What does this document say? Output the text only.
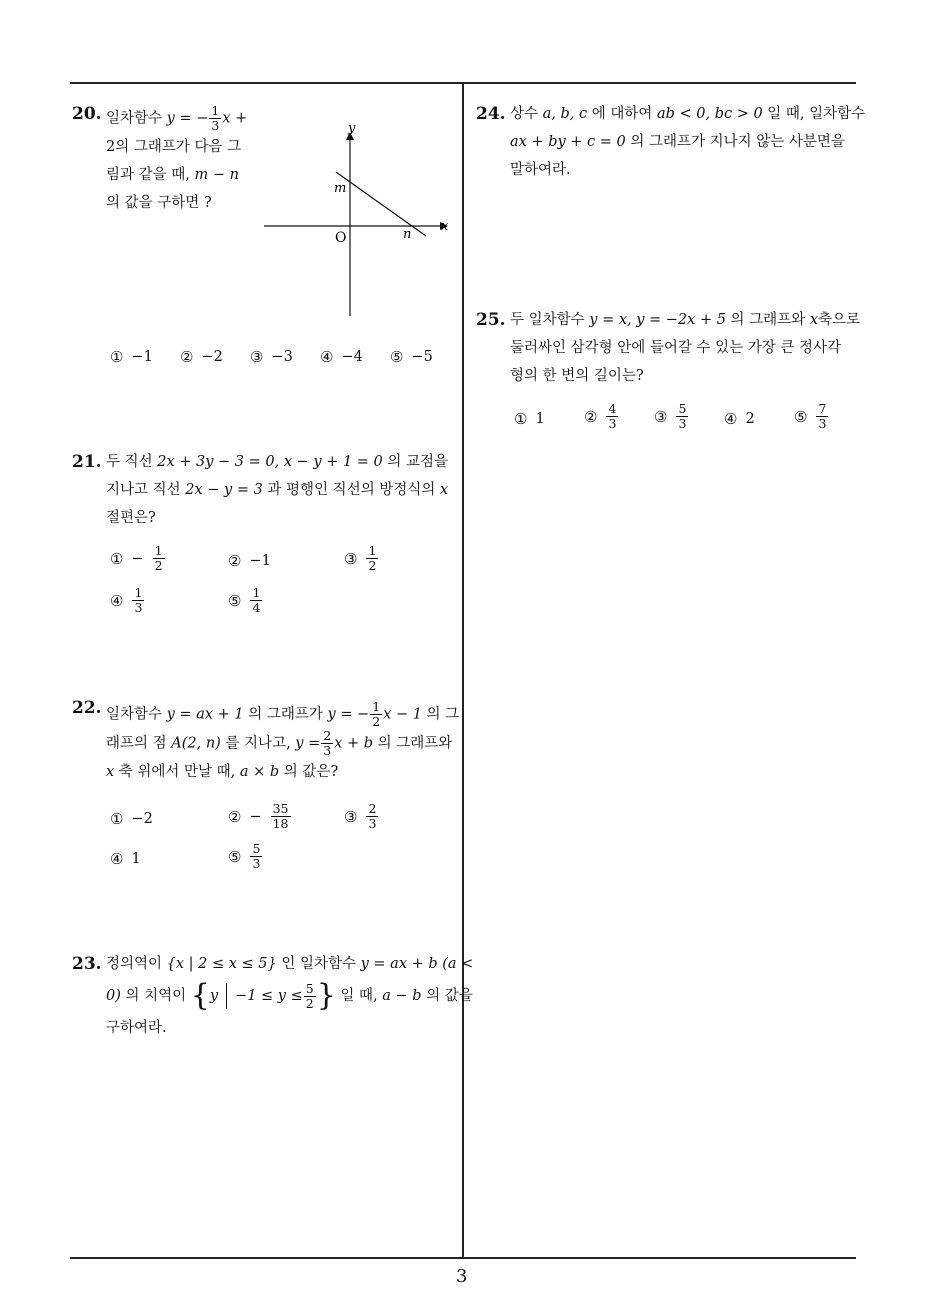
3
20. 일차함수 y = − $\frac{1}{3}$ x +
2의 그래프가 다음 그
림과 같을 때, m − n
의 값을 구하면 ?
y
x
m
n
O
① −1 ② −2 ③ −3 ④ −4 ⑤ −5
21. 두 직선 2x + 3y − 3 = 0, x − y + 1 = 0 의 교점을
지나고 직선 2x − y = 3 과 평행인 직선의 방정식의 x
절편은?
① − $\frac{1}{2}$	② −1	③ $\frac{1}{2}$
④ $\frac{1}{3}$	⑤ $\frac{1}{4}$
22. 일차함수 y = ax + 1 의 그래프가 y = − $\frac{1}{2}$ x − 1 의 그
래프의 점 A(2, n) 를 지나고, $y = \frac{2}{3}$ x + b 의 그래프와
x 축 위에서 만날 때, a × b 의 값은?
① −2	② − $\frac{35}{18}$	③ $\frac{2}{3}$
④ 1	⑤ $\frac{5}{3}$
23. 정의역이 {x | 2 ≤ x ≤ 5} 인 일차함수 y = ax + b (a <
0) 의 치역이 {$y -1 \le y \le \frac{5}{2}$ } 일 때, a − b 의 값을
구하여라.
24. 상수 a, b, c 에 대하여 ab < 0, bc > 0 일 때, 일차함수
ax + by + c = 0 의 그래프가 지나지 않는 사분면을
말하여라.
25. 두 일차함수 y = x, y = −2x + 5 의 그래프와 x축으로
둘러싸인 삼각형 안에 들어갈 수 있는 가장 큰 정사각
형의 한 변의 길이는?
① 1	② $\frac{4}{3}$ ③ $\frac{5}{3}$ ④ 2	⑤ $\frac{7}{3}$
